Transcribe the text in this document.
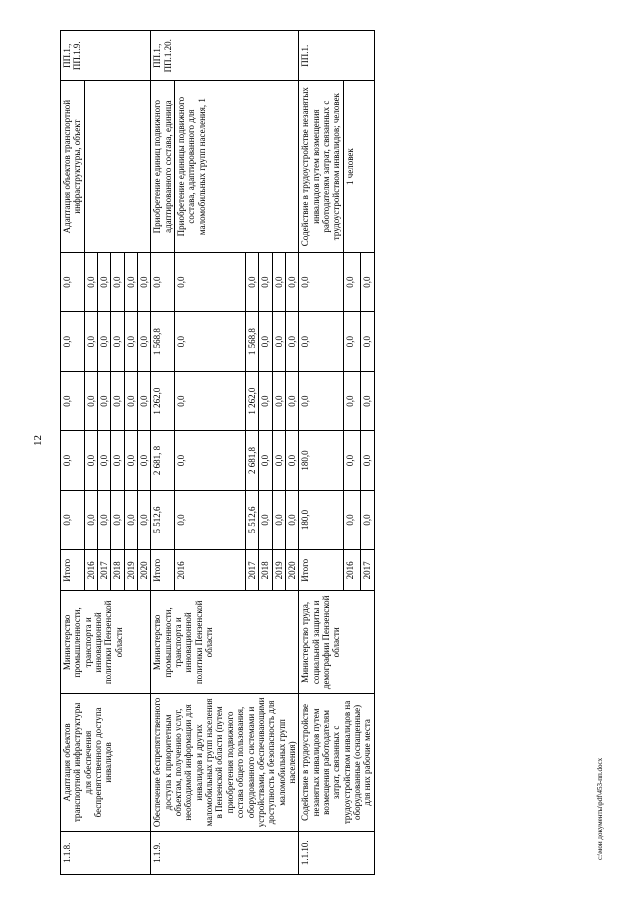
12
1.1.8.	Адаптация объектов транспортной инфраструктуры для обеспечения беспрепятственного доступа инвалидов	Министерство промышленности, транспорта и инновационной политики Пензенской области	Итого	0,0	0,0	0,0	0,0	0,0	Адаптация объектов транспортной инфраструктуры, объект	ПП.1., ПП.1.9.
			2016	0,0	0,0	0,0	0,0	0,0		
			2017	0,0	0,0	0,0	0,0	0,0		
			2018	0,0	0,0	0,0	0,0	0,0		
			2019	0,0	0,0	0,0	0,0	0,0		
			2020	0,0	0,0	0,0	0,0	0,0		
1.1.9.	Обеспечение беспрепятственного доступа к приоритетным объектам, получению услуг, необходимой информации для инвалидов и других маломобильных групп населения в Пензенской области (путем приобретения подвижного состава общего пользования, оборудованного системами и устройствами, обеспечивающими доступность и безопасность для маломобильных групп населения)	Министерство промышленности, транспорта и инновационной политики Пензенской области	Итого	5 512,6	2 681, 8	1 262,0	1 568,8	0,0	Приобретение единиц подвижного адаптированного состава, единица	ПП.1., ПП.1.20.
			2016	0,0	0,0	0,0	0,0	0,0	Приобретение единицы подвижного состава, адаптированного для маломобильных групп населения, 1	
			2017	5 512,6	2 681,8	1 262,0	1 568,8	0,0		
			2018	0,0	0,0	0,0	0,0	0,0		
			2019	0,0	0,0	0,0	0,0	0,0		
			2020	0,0	0,0	0,0	0,0	0,0		
1.1.10.	Содействие в трудоустройстве незанятых инвалидов путем возмещения работодателям затрат, связанных с трудоустройством инвалидов на оборудованные (оснащенные) для них рабочие места	Министерство труда, социальной защиты и демографии Пензенской области	Итого	180,0	180,0	0,0	0,0	0,0	Содействие в трудоустройстве незанятых инвалидов путем возмещения работодателям затрат, связанных с трудоустройством инвалидов; человек	ПП.1.
			2016	0,0	0,0	0,0	0,0	0,0	1 человек	
			2017	0,0	0,0	0,0	0,0	0,0		
c:\мои документы\pdf\453-пп.docx
